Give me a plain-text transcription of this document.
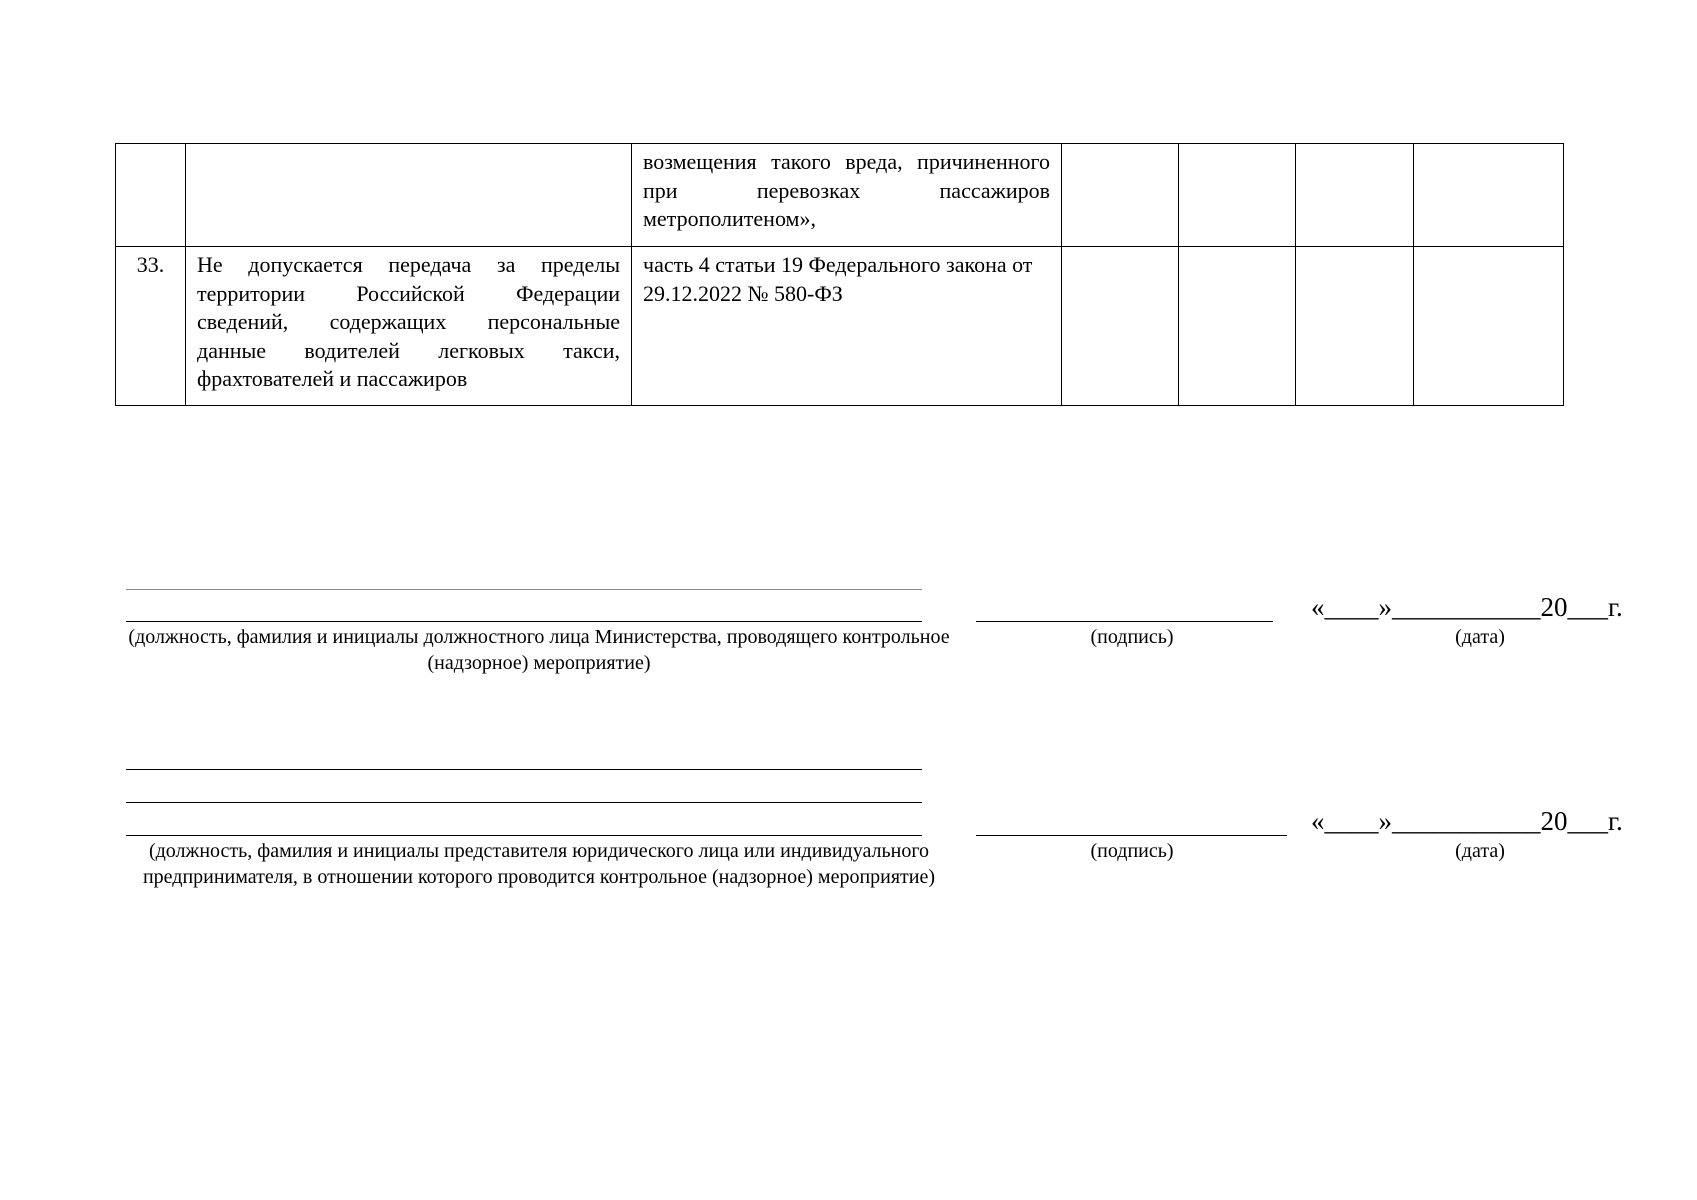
		возмещения такого вреда, причиненного при перевозках пассажиров метрополитеном»,				
33.	Не допускается передача за пределы территории Российской Федерации сведений, содержащих персональные данные водителей легковых такси, фрахтователей и пассажиров	часть 4 статьи 19 Федерального закона от 29.12.2022 № 580-ФЗ				
(должность, фамилия и инициалы должностного лица Министерства, проводящего контрольное (надзорное) мероприятие)
(подпись)
«____»___________20___г.
(дата)
(должность, фамилия и инициалы представителя юридического лица или индивидуального предпринимателя, в отношении которого проводится контрольное (надзорное) мероприятие)
(подпись)
«____»___________20___г.
(дата)
